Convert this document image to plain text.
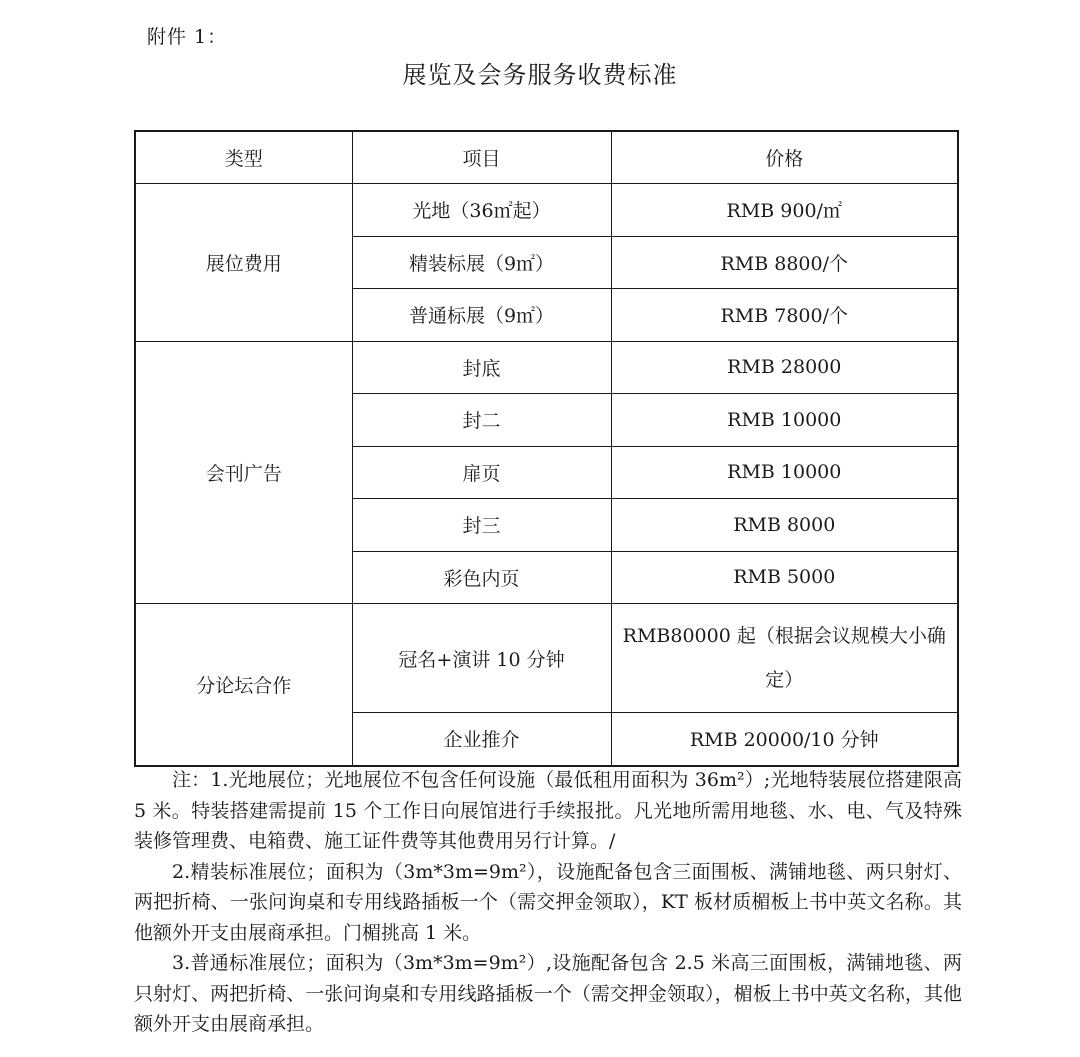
附件 1：
展览及会务服务收费标准
类型	项目	价格
展位费用	光地（36㎡起）	RMB 900/㎡
	精装标展（9㎡）	RMB 8800/个
	普通标展（9㎡）	RMB 7800/个
会刊广告	封底	RMB 28000
	封二	RMB 10000
	扉页	RMB 10000
	封三	RMB 8000
	彩色内页	RMB 5000
分论坛合作	冠名+演讲 10 分钟	RMB80000 起（根据会议规模大小确定）

	企业推介	RMB 20000/10 分钟

注：1.光地展位；光地展位不包含任何设施（最低租用面积为 36m²）;光地特装展位搭建限高 5 米。特装搭建需提前 15 个工作日向展馆进行手续报批。凡光地所需用地毯、水、电、气及特殊装修管理费、电箱费、施工证件费等其他费用另行计算。/

2.精装标准展位；面积为（3m*3m=9m²），设施配备包含三面围板、满铺地毯、两只射灯、两把折椅、一张问询桌和专用线路插板一个（需交押金领取），KT 板材质楣板上书中英文名称。其他额外开支由展商承担。门楣挑高 1 米。

3.普通标准展位；面积为（3m*3m=9m²）,设施配备包含 2.5 米高三面围板，满铺地毯、两只射灯、两把折椅、一张问询桌和专用线路插板一个（需交押金领取），楣板上书中英文名称，其他额外开支由展商承担。
